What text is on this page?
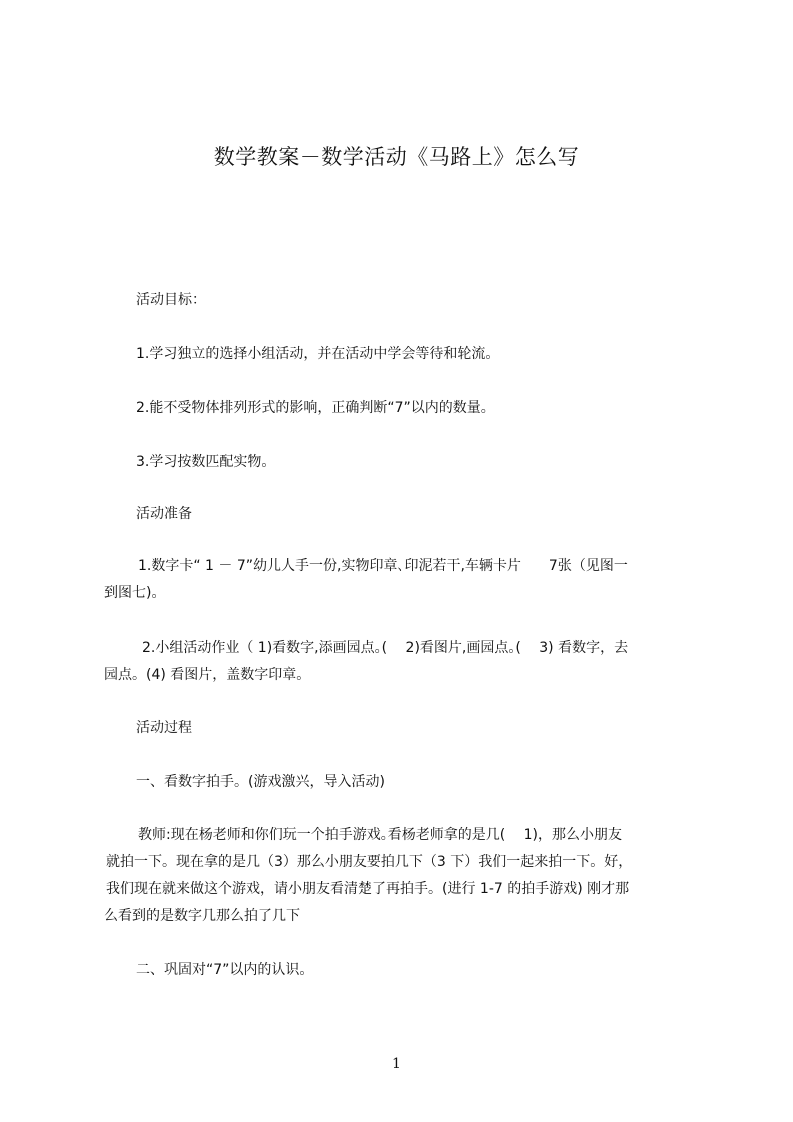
数学教案－数学活动《马路上》怎么写
活动目标：
1.学习独立的选择小组活动，并在活动中学会等待和轮流。
2.能不受物体排列形式的影响，正确判断“7”以内的数量。
3.学习按数匹配实物。
活动准备
1.数字卡“ 1 － 7”幼儿人手一份,实物印章､印泥若干,车辆卡片　　7张（见图一
到图七)。
2.小组活动作业（ 1)看数字,添画园点｡(　 2)看图片,画园点｡(　 3) 看数字，去
园点。(4) 看图片，盖数字印章。
活动过程
一、看数字拍手。(游戏激兴，导入活动)
教师:现在杨老师和你们玩一个拍手游戏｡看杨老师拿的是几(　 1)，那么小朋友
就拍一下。现在拿的是几（3）那么小朋友要拍几下（3 下）我们一起来拍一下。好，
我们现在就来做这个游戏，请小朋友看清楚了再拍手。(进行 1-7 的拍手游戏) 刚才那
么看到的是数字几那么拍了几下
二、巩固对“7”以内的认识。
1
